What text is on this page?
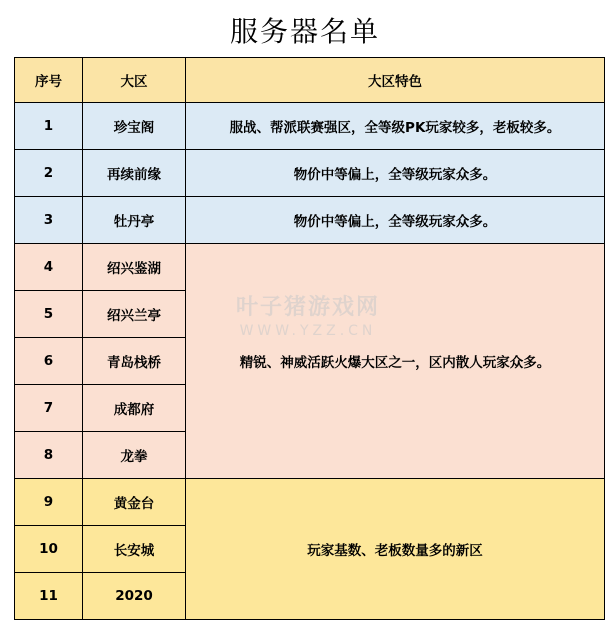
服务器名单
序号	大区	大区特色
1	珍宝阁	服战、帮派联赛强区，全等级PK玩家较多，老板较多。
2	再续前缘	物价中等偏上，全等级玩家众多。
3	牡丹亭	物价中等偏上，全等级玩家众多。
4	绍兴鉴湖	精锐、神威活跃火爆大区之一，区内散人玩家众多。
5	绍兴兰亭	
6	青岛栈桥	
7	成都府	
8	龙拳	
9	黄金台	玩家基数、老板数量多的新区
10	长安城	
11	2020	
叶子猪游戏网
WWW.YZZ.CN
